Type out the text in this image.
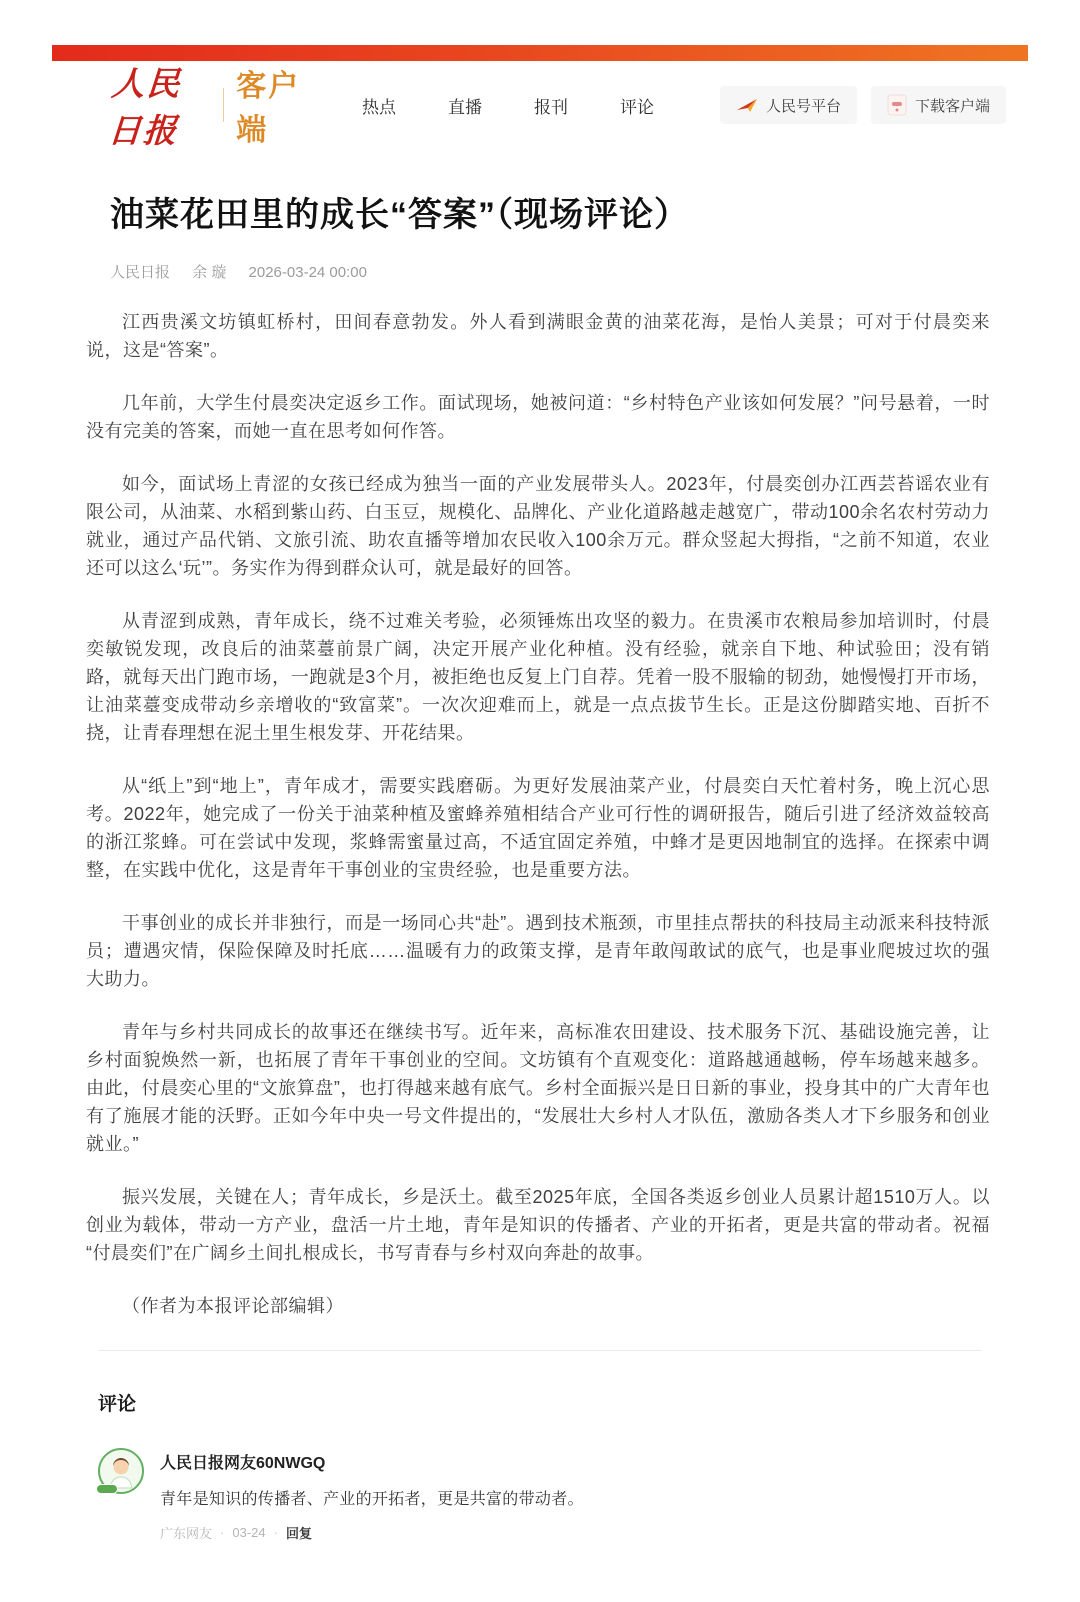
人民日报
客户端
热点	直播	报刊	评论	人民号平台	下载客户端
油菜花田里的成长“答案”（现场评论）
人民日报 余 璇 2026-03-24 00:00

江西贵溪文坊镇虹桥村，田间春意勃发。外人看到满眼金黄的油菜花海，是怡人美景；可对于付晨奕来说，这是“答案”。

几年前，大学生付晨奕决定返乡工作。面试现场，她被问道：“乡村特色产业该如何发展？”问号悬着，一时没有完美的答案，而她一直在思考如何作答。

如今，面试场上青涩的女孩已经成为独当一面的产业发展带头人。2023年，付晨奕创办江西芸苔谣农业有限公司，从油菜、水稻到紫山药、白玉豆，规模化、品牌化、产业化道路越走越宽广，带动100余名农村劳动力就业，通过产品代销、文旅引流、助农直播等增加农民收入100余万元。群众竖起大拇指，“之前不知道，农业还可以这么‘玩’”。务实作为得到群众认可，就是最好的回答。

从青涩到成熟，青年成长，绕不过难关考验，必须锤炼出攻坚的毅力。在贵溪市农粮局参加培训时，付晨奕敏锐发现，改良后的油菜薹前景广阔，决定开展产业化种植。没有经验，就亲自下地、种试验田；没有销路，就每天出门跑市场，一跑就是3个月，被拒绝也反复上门自荐。凭着一股不服输的韧劲，她慢慢打开市场，让油菜薹变成带动乡亲增收的“致富菜”。一次次迎难而上，就是一点点拔节生长。正是这份脚踏实地、百折不挠，让青春理想在泥土里生根发芽、开花结果。

从“纸上”到“地上”，青年成才，需要实践磨砺。为更好发展油菜产业，付晨奕白天忙着村务，晚上沉心思考。2022年，她完成了一份关于油菜种植及蜜蜂养殖相结合产业可行性的调研报告，随后引进了经济效益较高的浙江浆蜂。可在尝试中发现，浆蜂需蜜量过高，不适宜固定养殖，中蜂才是更因地制宜的选择。在探索中调整，在实践中优化，这是青年干事创业的宝贵经验，也是重要方法。

干事创业的成长并非独行，而是一场同心共“赴”。遇到技术瓶颈，市里挂点帮扶的科技局主动派来科技特派员；遭遇灾情，保险保障及时托底……温暖有力的政策支撑，是青年敢闯敢试的底气，也是事业爬坡过坎的强大助力。

青年与乡村共同成长的故事还在继续书写。近年来，高标准农田建设、技术服务下沉、基础设施完善，让乡村面貌焕然一新，也拓展了青年干事创业的空间。文坊镇有个直观变化：道路越通越畅，停车场越来越多。由此，付晨奕心里的“文旅算盘”，也打得越来越有底气。乡村全面振兴是日日新的事业，投身其中的广大青年也有了施展才能的沃野。正如今年中央一号文件提出的，“发展壮大乡村人才队伍，激励各类人才下乡服务和创业就业。”

振兴发展，关键在人；青年成长，乡是沃土。截至2025年底，全国各类返乡创业人员累计超1510万人。以创业为载体，带动一方产业，盘活一片土地，青年是知识的传播者、产业的开拓者，更是共富的带动者。祝福“付晨奕们”在广阔乡土间扎根成长，书写青春与乡村双向奔赴的故事。

（作者为本报评论部编辑）

评论
人民日报网友60NWGQ
青年是知识的传播者、产业的开拓者，更是共富的带动者。
广东网友 · 03-24 · 回复
